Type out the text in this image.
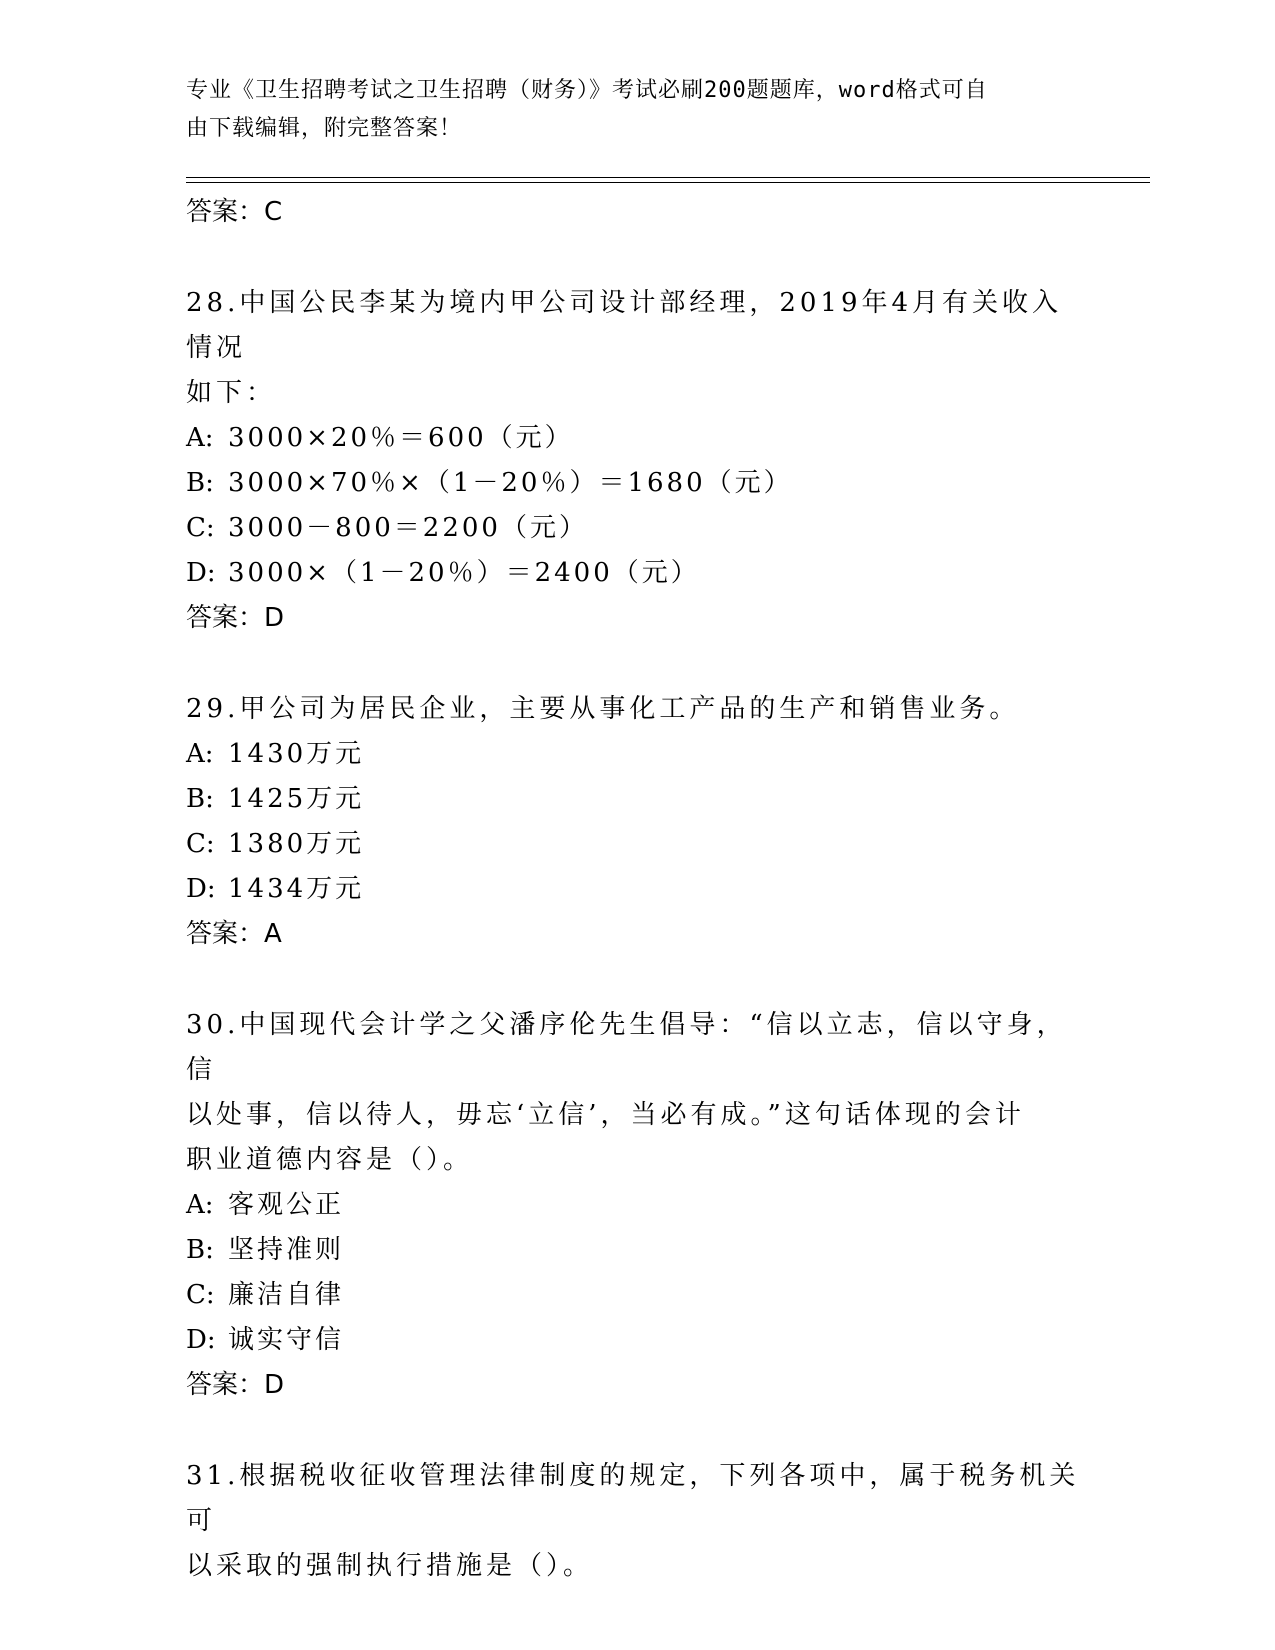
专业《卫生招聘考试之卫生招聘（财务）》考试必刷200题题库，word格式可自
由下载编辑，附完整答案！
答案：C
28.中国公民李某为境内甲公司设计部经理，2019年4月有关收入情况
如下：
A: 3000×20％＝600（元）
B: 3000×70％×（1－20％）＝1680（元）
C: 3000－800＝2200（元）
D: 3000×（1－20％）＝2400（元）
答案：D
29.甲公司为居民企业，主要从事化工产品的生产和销售业务。
A: 1430万元
B: 1425万元
C: 1380万元
D: 1434万元
答案：A
30.中国现代会计学之父潘序伦先生倡导：“信以立志，信以守身，信
以处事，信以待人，毋忘‘立信’，当必有成。”这句话体现的会计
职业道德内容是（）。
A: 客观公正
B: 坚持准则
C: 廉洁自律
D: 诚实守信
答案：D
31.根据税收征收管理法律制度的规定，下列各项中，属于税务机关可
以采取的强制执行措施是（）。
